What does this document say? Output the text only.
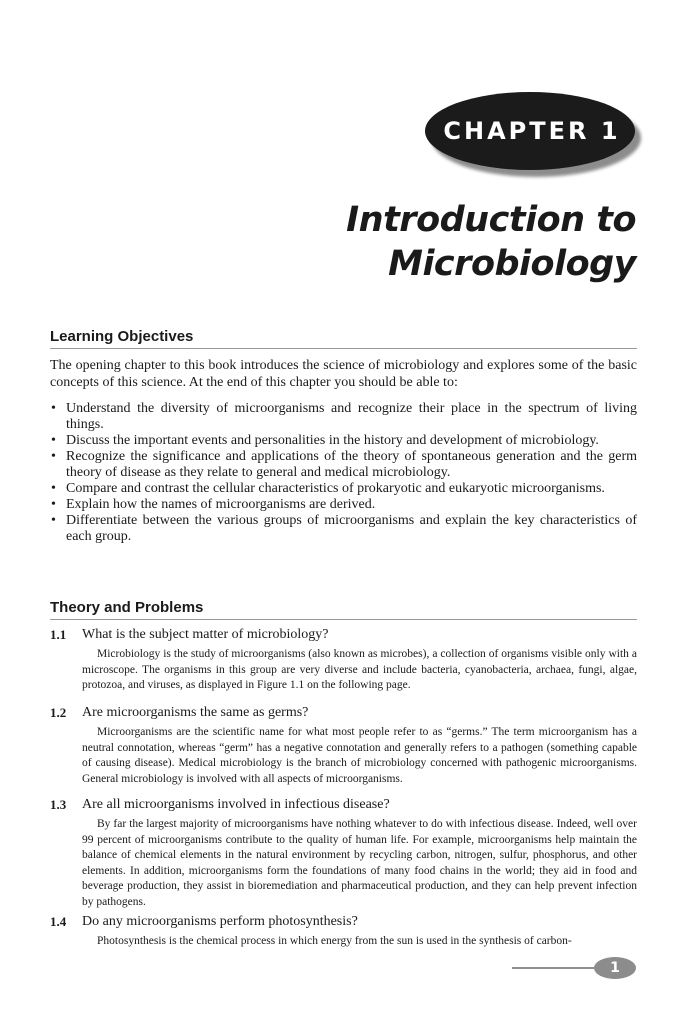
CHAPTER 1
Introduction to
Microbiology
Learning Objectives

The opening chapter to this book introduces the science of microbiology and explores some of the basic concepts of this science. At the end of this chapter you should be able to:

• Understand the diversity of microorganisms and recognize their place in the spectrum of living things.
• Discuss the important events and personalities in the history and development of microbiology.
• Recognize the significance and applications of the theory of spontaneous generation and the germ theory of disease as they relate to general and medical microbiology.
• Compare and contrast the cellular characteristics of prokaryotic and eukaryotic microorganisms.
• Explain how the names of microorganisms are derived.
• Differentiate between the various groups of microorganisms and explain the key characteristics of each group.
Theory and Problems
1.1	What is the subject matter of microbiology?

Microbiology is the study of microorganisms (also known as microbes), a collection of organisms visible only with a microscope. The organisms in this group are very diverse and include bacteria, cyanobacteria, archaea, fungi, algae, protozoa, and viruses, as displayed in Figure 1.1 on the following page.

1.2	Are microorganisms the same as germs?

Microorganisms are the scientific name for what most people refer to as “germs.” The term microorganism has a neutral connotation, whereas “germ” has a negative connotation and generally refers to a pathogen (something capable of causing disease). Medical microbiology is the branch of microbiology concerned with pathogenic microorganisms. General microbiology is involved with all aspects of microorganisms.

1.3	Are all microorganisms involved in infectious disease?

By far the largest majority of microorganisms have nothing whatever to do with infectious disease. Indeed, well over 99 percent of microorganisms contribute to the quality of human life. For example, microorganisms help maintain the balance of chemical elements in the natural environment by recycling carbon, nitrogen, sulfur, phosphorus, and other elements. In addition, microorganisms form the foundations of many food chains in the world; they aid in food and beverage production, they assist in bioremediation and pharmaceutical production, and they can help prevent infection by pathogens.

1.4	Do any microorganisms perform photosynthesis?

Photosynthesis is the chemical process in which energy from the sun is used in the synthesis of carbon-

1
